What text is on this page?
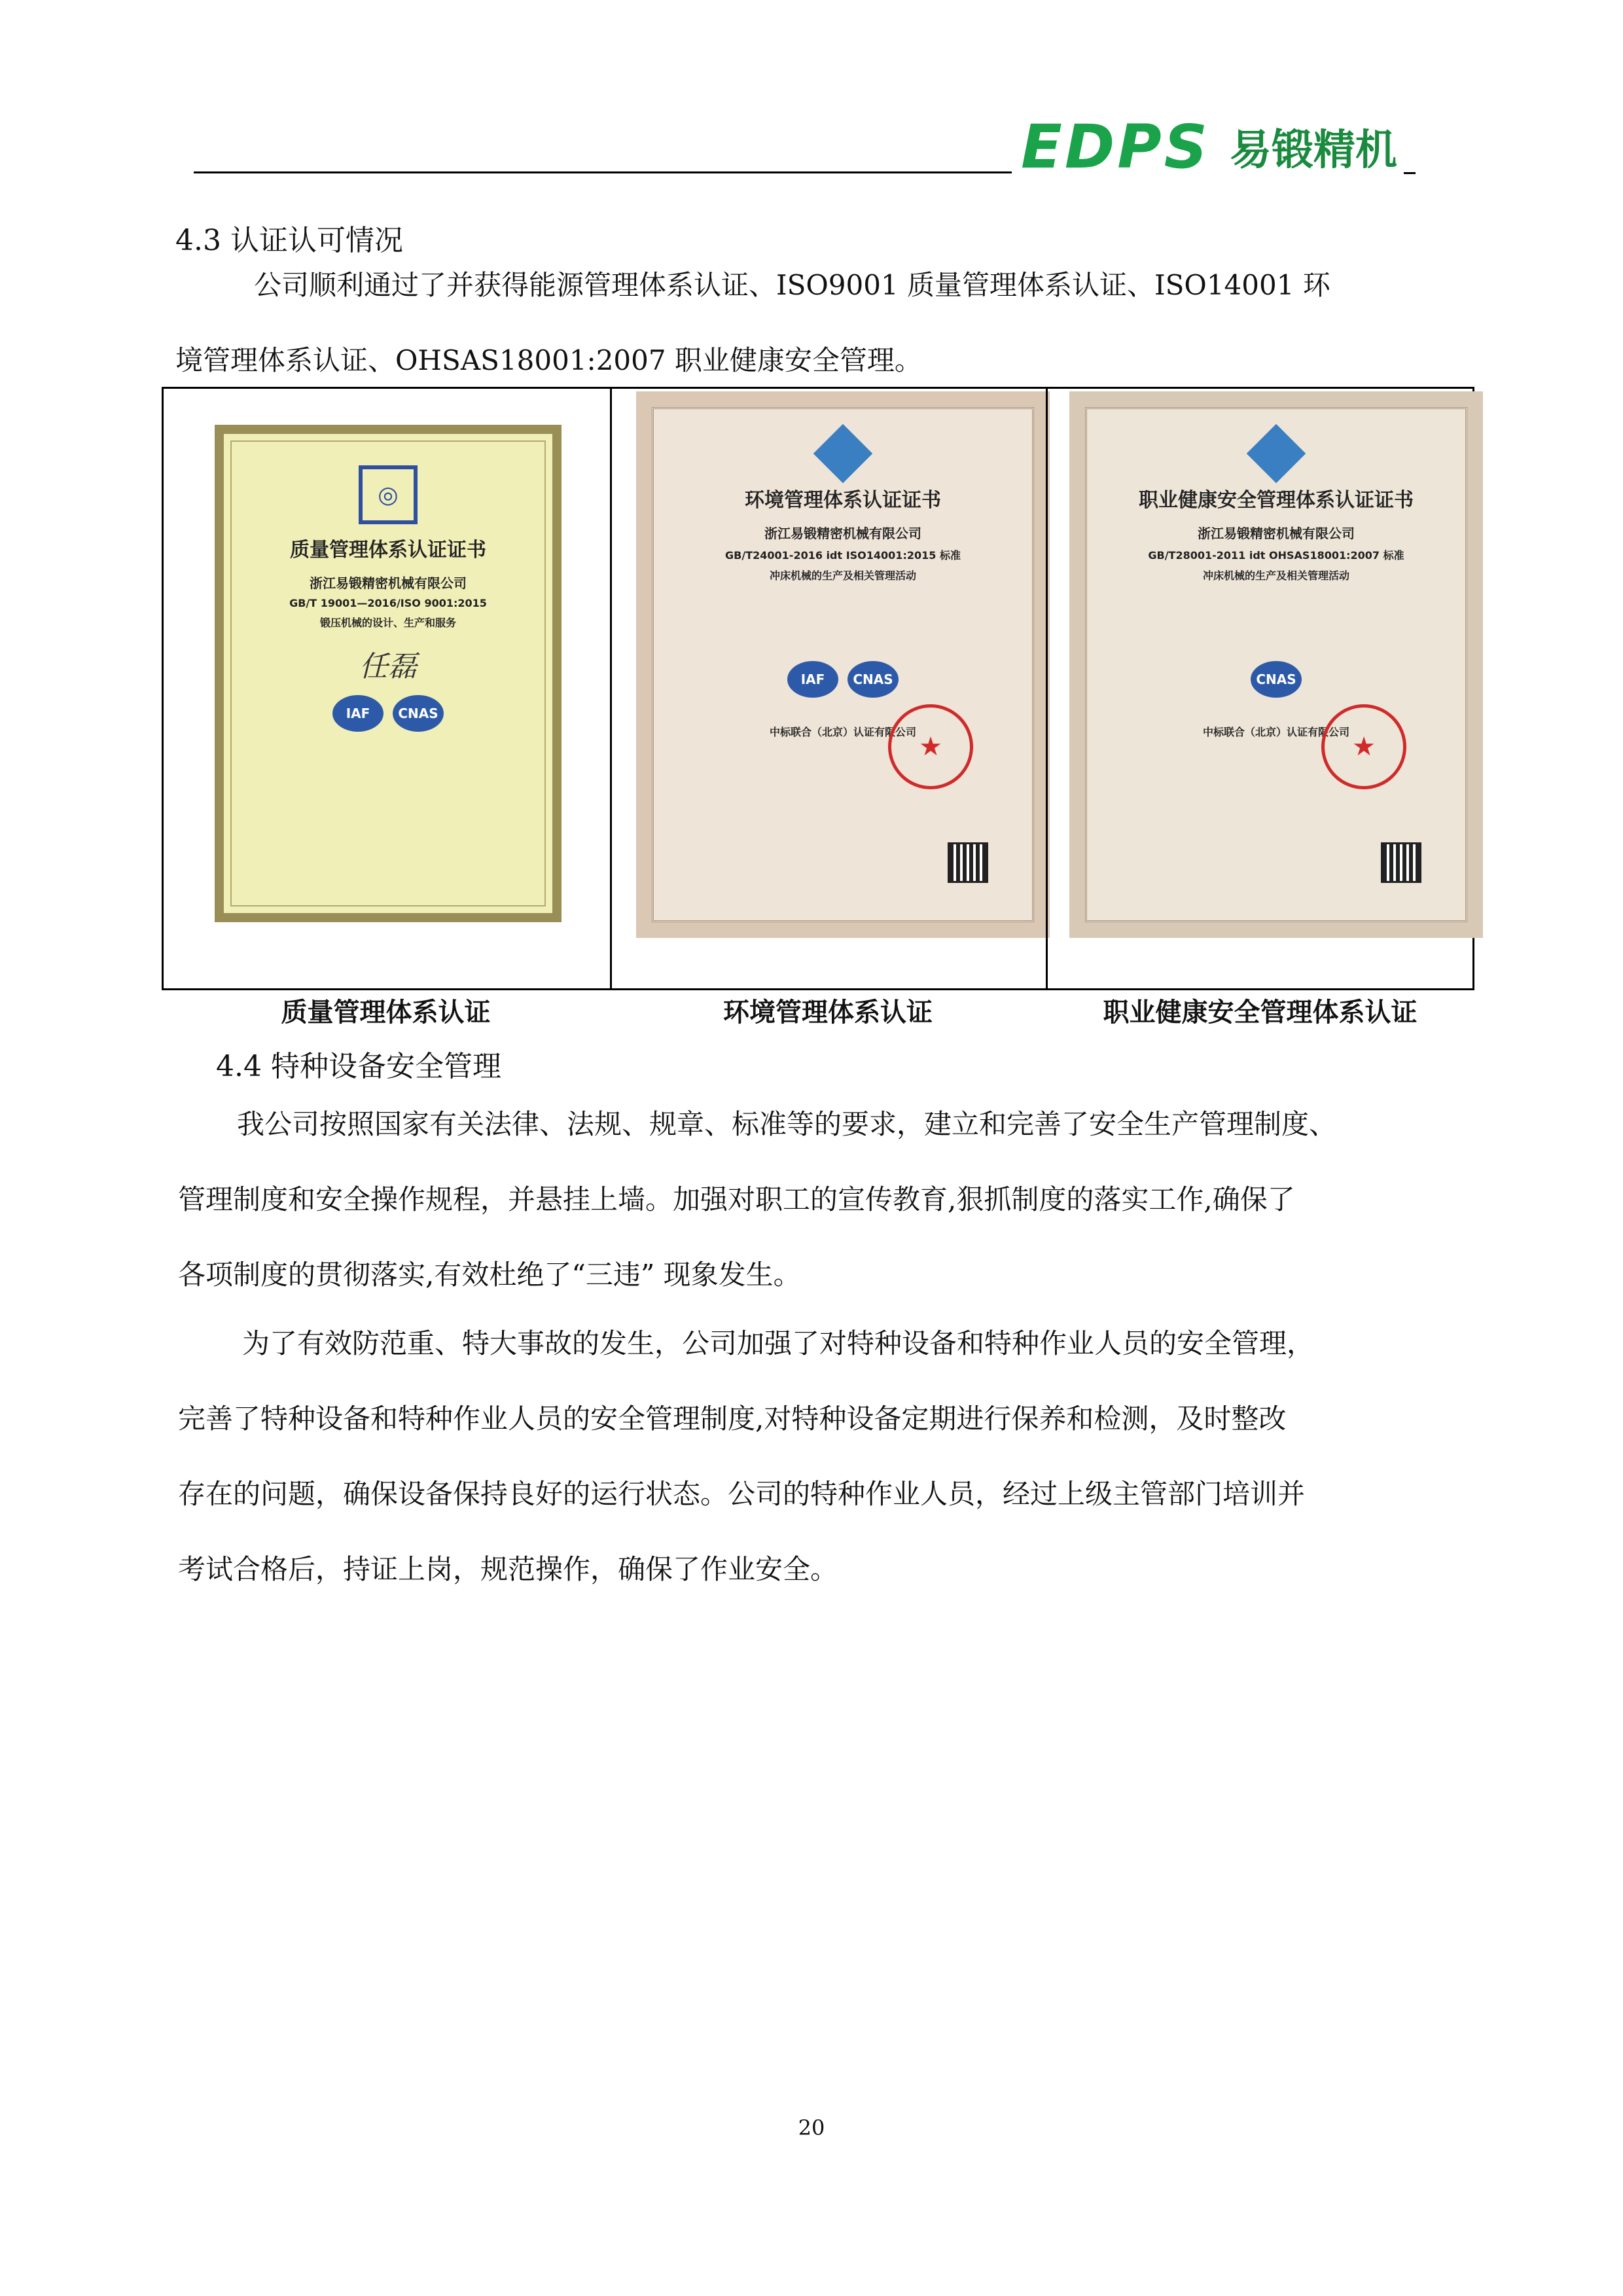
EDPS 易锻精机
4.3 认证认可情况
公司顺利通过了并获得能源管理体系认证、ISO9001 质量管理体系认证、ISO14001 环
境管理体系认证、OHSAS18001:2007 职业健康安全管理。
◎
质量管理体系认证证书
浙江易锻精密机械有限公司
GB/T 19001—2016/ISO 9001:2015
锻压机械的设计、生产和服务
任磊
IAF	CNAS
环境管理体系认证证书
浙江易锻精密机械有限公司
GB/T24001-2016 idt ISO14001:2015 标准
冲床机械的生产及相关管理活动
IAF	CNAS
中标联合（北京）认证有限公司 ★
职业健康安全管理体系认证证书
浙江易锻精密机械有限公司
GB/T28001-2011 idt OHSAS18001:2007 标准
冲床机械的生产及相关管理活动
CNAS
中标联合（北京）认证有限公司 ★
质量管理体系认证	环境管理体系认证	职业健康安全管理体系认证
4.4 特种设备安全管理
我公司按照国家有关法律、法规、规章、标准等的要求，建立和完善了安全生产管理制度、
管理制度和安全操作规程，并悬挂上墙。加强对职工的宣传教育,狠抓制度的落实工作,确保了
各项制度的贯彻落实,有效杜绝了“三违” 现象发生。
为了有效防范重、特大事故的发生，公司加强了对特种设备和特种作业人员的安全管理，
完善了特种设备和特种作业人员的安全管理制度,对特种设备定期进行保养和检测，及时整改
存在的问题，确保设备保持良好的运行状态。公司的特种作业人员，经过上级主管部门培训并
考试合格后，持证上岗，规范操作，确保了作业安全。
20
